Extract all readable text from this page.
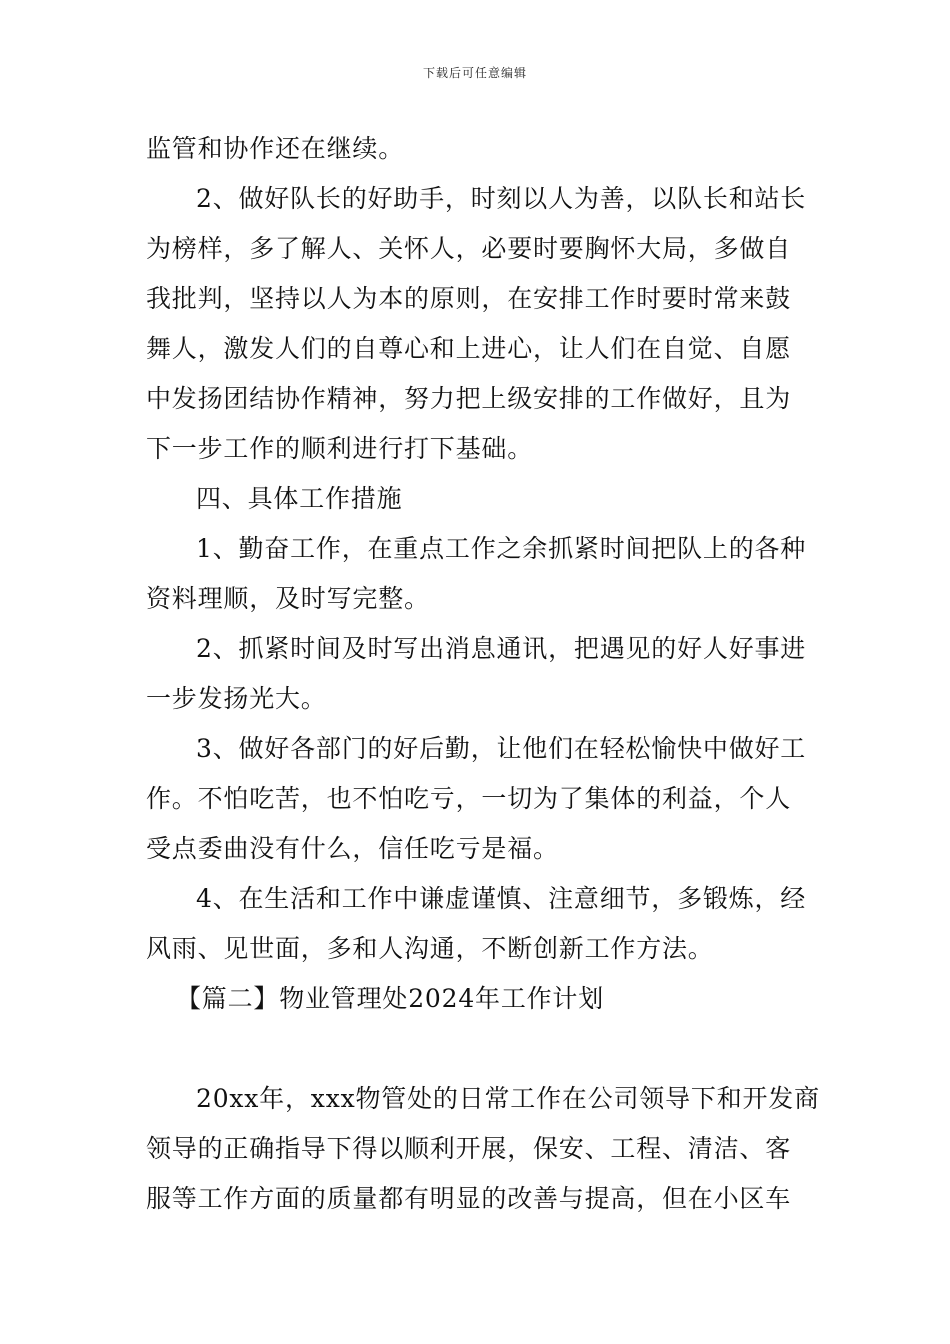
下载后可任意编辑
监管和协作还在继续。
2、做好队长的好助手，时刻以人为善，以队长和站长
为榜样，多了解人、关怀人，必要时要胸怀大局，多做自
我批判，坚持以人为本的原则，在安排工作时要时常来鼓
舞人，激发人们的自尊心和上进心，让人们在自觉、自愿
中发扬团结协作精神，努力把上级安排的工作做好，且为
下一步工作的顺利进行打下基础。
四、具体工作措施
1、勤奋工作，在重点工作之余抓紧时间把队上的各种
资料理顺，及时写完整。
2、抓紧时间及时写出消息通讯，把遇见的好人好事进
一步发扬光大。
3、做好各部门的好后勤，让他们在轻松愉快中做好工
作。不怕吃苦，也不怕吃亏，一切为了集体的利益，个人
受点委曲没有什么，信任吃亏是福。
4、在生活和工作中谦虚谨慎、注意细节，多锻炼，经
风雨、见世面，多和人沟通，不断创新工作方法。
【篇二】物业管理处2024年工作计划
20xx年，xxx物管处的日常工作在公司领导下和开发商
领导的正确指导下得以顺利开展，保安、工程、清洁、客
服等工作方面的质量都有明显的改善与提高，但在小区车
